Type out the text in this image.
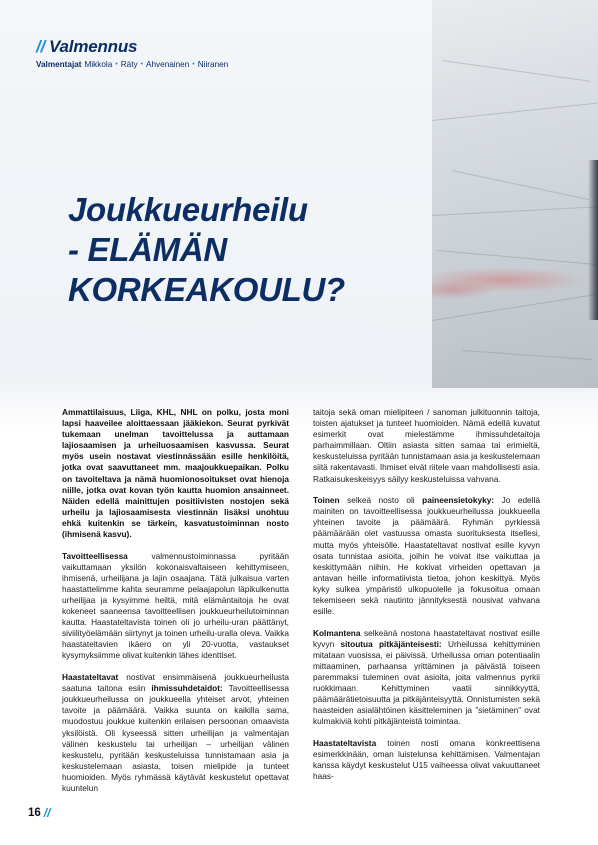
// Valmennus
Valmentajat Mikkola • Räty • Ahvenainen • Niiranen
Joukkueurheilu
- ELÄMÄN
KORKEAKOULU?

Ammattilaisuus, Liiga, KHL, NHL on polku, josta moni lapsi haaveilee aloittaessaan jääkiekon. Seurat pyrkivät tukemaan unelman tavoittelussa ja auttamaan lajiosaamisen ja urheiluosaamisen kasvussa. Seurat myös usein nostavat viestinnässään esille henkilöitä, jotka ovat saavuttaneet mm. maajoukkuepaikan. Polku on tavoiteltava ja nämä huomionosoitukset ovat hienoja niille, jotka ovat kovan työn kautta huomion ansainneet. Näiden edellä mainittujen positiivisten nostojen sekä urheilu ja lajiosaamisesta viestinnän lisäksi unohtuu ehkä kuitenkin se tärkein, kasvatustoiminnan nosto (ihmisenä kasvu).

Tavoitteellisessa valmennustoiminnassa pyritään vaikuttamaan yksilön kokonaisvaltaiseen kehittymiseen, ihmisenä, urheilijana ja lajin osaajana. Tätä julkaisua varten haastattelimme kahta seuramme pelaajapolun läpikulkenutta urheilijaa ja kysyimme heiltä, mitä elämäntaitoja he ovat kokeneet saaneensa tavoitteellisen joukkueurheilutoiminnan kautta. Haastateltavista toinen oli jo urheilu-uran päättänyt, siviilityöelämään siirtynyt ja toinen urheilu-uralla oleva. Vaikka haastateltavien ikäero on yli 20-vuotta, vastaukset kysymyksiimme olivat kuitenkin lähes identtiset.

Haastateltavat nostivat ensimmäisenä joukkueurheilusta saatuna taitona esiin ihmissuhdetaidot: Tavoitteellisessa joukkueurheilussa on joukkueella yhteiset arvot, yhteinen tavoite ja päämäärä. Vaikka suunta on kaikilla sama, muodostuu joukkue kuitenkin erilaisen persoonan omaavista yksilöistä. Oli kyseessä sitten urheilijan ja valmentajan välinen keskustelu tai urheilijan – urheilijan välinen keskustelu, pyritään keskusteluissa tunnistamaan asia ja keskustelemaan asiasta, toisen mielipide ja tunteet huomioiden. Myös ryhmässä käytävät keskustelut opettavat kuuntelun

taitoja sekä oman mielipiteen / sanoman julkituonnin taitoja, toisten ajatukset ja tunteet huomioiden. Nämä edellä kuvatut esimerkit ovat mielestämme ihmissuhdetaitoja parhaimmillaan. Oltiin asiasta sitten samaa tai erimieltä, keskusteluissa pyritään tunnistamaan asia ja keskustelemaan siitä rakentavasti. Ihmiset eivät riitele vaan mahdollisesti asia. Ratkaisukeskeisyys säilyy keskusteluissa vahvana.

Toinen selkeä nosto oli paineensietokyky: Jo edellä mainiten on tavoitteellisessa joukkueurheilussa joukkueella yhteinen tavoite ja päämäärä. Ryhmän pyrkiessä päämäärään olet vastuussa omasta suorituksesta itsellesi, mutta myös yhteisölle. Haastateltavat nostivat esille kyvyn osata tunnistaa asioita, joihin he voivat itse vaikuttaa ja keskittymään niihin. He kokivat virheiden opettavan ja antavan heille informatiivista tietoa, johon keskittyä. Myös kyky sulkea ympäristö ulkopuolelle ja fokusoitua omaan tekemiseen sekä nautinto jännityksestä nousivat vahvana esille.

Kolmantena selkeänä nostona haastateltavat nostivat esille kyvyn sitoutua pitkäjänteisesti: Urheilussa kehittyminen mitataan vuosissa, ei päivissä. Urheilussa oman potentiaalin mittaaminen, parhaansa yrittäminen ja päivästä toiseen paremmaksi tuleminen ovat asioita, joita valmennus pyrkii ruokkimaan. Kehittyminen vaatii sinnikkyyttä, päämäärätietoisuutta ja pitkäjänteisyyttä. Onnistumisten sekä haasteiden asialähtöinen käsitteleminen ja ”sietäminen” ovat kulmakiviä kohti pitkäjänteistä toimintaa.

Haastateltavista toinen nosti omana konkreettisena esimerkkinään, oman luistelunsa kehittämisen. Valmentajan kanssa käydyt keskustelut U15 vaiheessa olivat vakuuttaneet haas-

16 //
